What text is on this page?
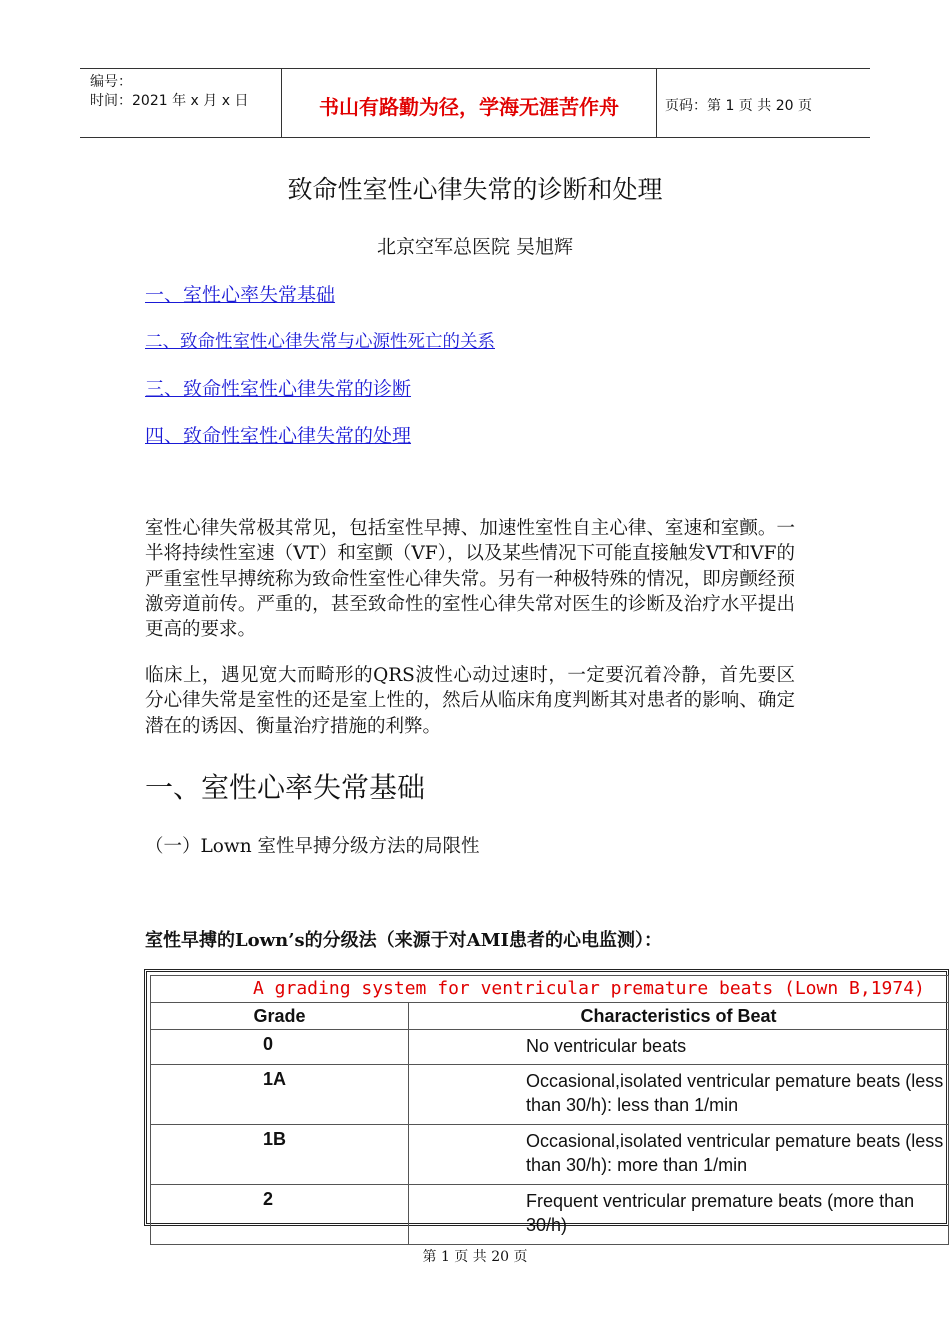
编号：
时间：2021 年 x 月 x 日	书山有路勤为径，学海无涯苦作舟	页码：第 1 页 共 20 页
致命性室性心律失常的诊断和处理
北京空军总医院 吴旭辉
一、室性心率失常基础
二、致命性室性心律失常与心源性死亡的关系
三、致命性室性心律失常的诊断
四、致命性室性心律失常的处理

室性心律失常极其常见，包括室性早搏、加速性室性自主心律、室速和室颤。一半将持续性室速（VT）和室颤（VF），以及某些情况下可能直接触发VT和VF的严重室性早搏统称为致命性室性心律失常。另有一种极特殊的情况，即房颤经预激旁道前传。严重的，甚至致命性的室性心律失常对医生的诊断及治疗水平提出更高的要求。

临床上，遇见宽大而畸形的QRS波性心动过速时，一定要沉着冷静，首先要区分心律失常是室性的还是室上性的，然后从临床角度判断其对患者的影响、确定潜在的诱因、衡量治疗措施的利弊。

一、室性心率失常基础
（一）Lown 室性早搏分级方法的局限性
室性早搏的Lown’s的分级法（来源于对AMI患者的心电监测）：
A grading system for ventricular premature beats (Lown B,1974)	
Grade	Characteristics of Beat
0	No ventricular beats
1A	Occasional,isolated ventricular pemature beats (less than 30/h): less than 1/min
1B	Occasional,isolated ventricular pemature beats (less than 30/h): more than 1/min
2	Frequent ventricular premature beats (more than 30/h)
第 1 页 共 20 页
